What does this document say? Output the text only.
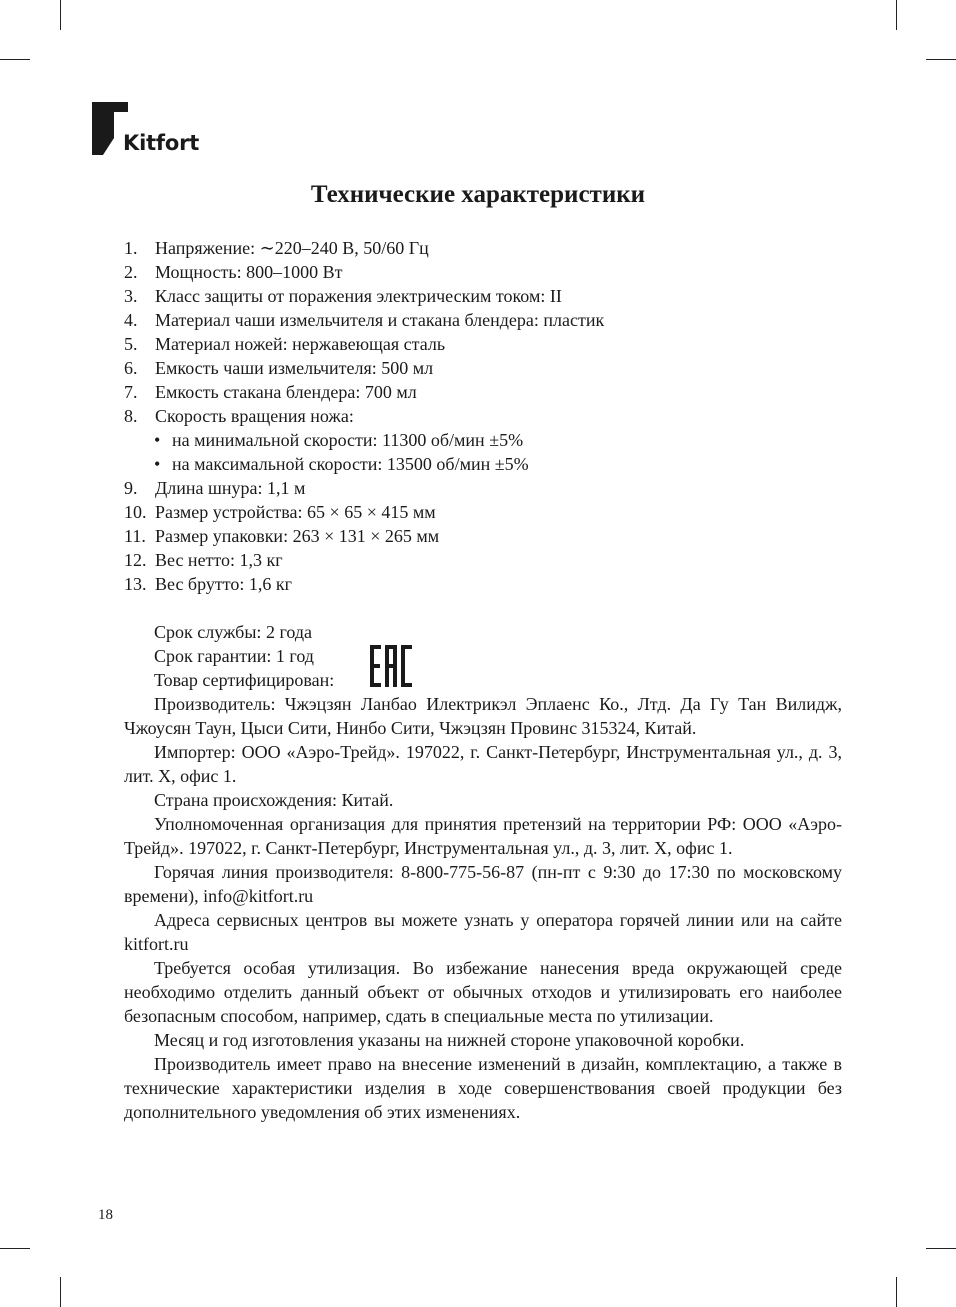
Kitfort
Технические характеристики
1. Напряжение: ∼220–240 В, 50/60 Гц
2. Мощность: 800–1000 Вт
3. Класс защиты от поражения электрическим током: II
4. Материал чаши измельчителя и стакана блендера: пластик
5. Материал ножей: нержавеющая сталь
6. Емкость чаши измельчителя: 500 мл
7. Емкость стакана блендера: 700 мл
8. Скорость вращения ножа:
• на минимальной скорости: 11300 об/мин ±5%
• на максимальной скорости: 13500 об/мин ±5%
9. Длина шнура: 1,1 м
10. Размер устройства: 65 × 65 × 415 мм
11. Размер упаковки: 263 × 131 × 265 мм
12. Вес нетто: 1,3 кг
13. Вес брутто: 1,6 кг
Срок службы: 2 года
Срок гарантии: 1 год
Товар сертифицирован:
Производитель: Чжэцзян Ланбао Илектрикэл Эплаенс Ко., Лтд. Да Гу Тан Вилидж, Чжоусян Таун, Цыси Сити, Нинбо Сити, Чжэцзян Провинс 315324, Китай.
Импортер: ООО «Аэро-Трейд». 197022, г. Санкт-Петербург, Инструментальная ул., д. 3, лит. Х, офис 1.
Страна происхождения: Китай.
Уполномоченная организация для принятия претензий на территории РФ: ООО «Аэро-Трейд». 197022, г. Санкт-Петербург, Инструментальная ул., д. 3, лит. Х, офис 1.
Горячая линия производителя: 8-800-775-56-87 (пн-пт с 9:30 до 17:30 по московскому времени), info@kitfort.ru
Адреса сервисных центров вы можете узнать у оператора горячей линии или на сайте kitfort.ru
Требуется особая утилизация. Во избежание нанесения вреда окружающей среде необходимо отделить данный объект от обычных отходов и утилизировать его наиболее безопасным способом, например, сдать в специальные места по утилизации.
Месяц и год изготовления указаны на нижней стороне упаковочной коробки.
Производитель имеет право на внесение изменений в дизайн, комплектацию, а также в технические характеристики изделия в ходе совершенствования своей продукции без дополнительного уведомления об этих изменениях.
18
